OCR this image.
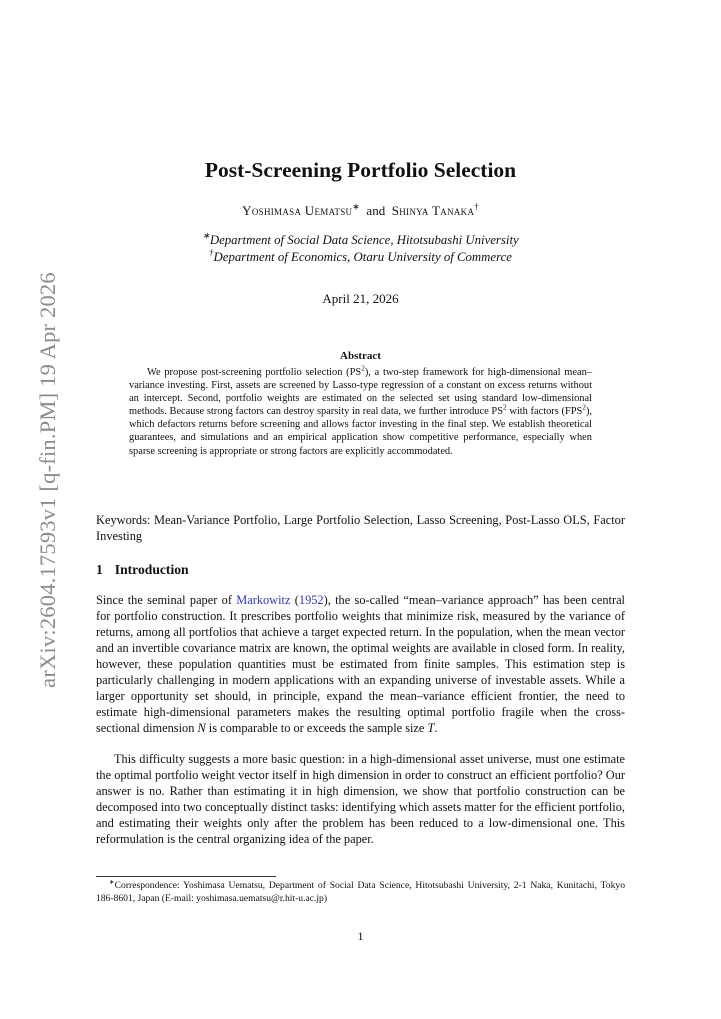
arXiv:2604.17593v1 [q-fin.PM] 19 Apr 2026
Post-Screening Portfolio Selection
Yoshimasa Uematsu∗ and Shinya Tanaka†
∗Department of Social Data Science, Hitotsubashi University
†Department of Economics, Otaru University of Commerce
April 21, 2026
Abstract

We propose post-screening portfolio selection $(PS^2)$, a two-step framework for high-dimensional mean–variance investing. First, assets are screened by Lasso-type regression of a constant on excess returns without an intercept. Second, portfolio weights are estimated on the selected set using standard low-dimensional methods. Because strong factors can destroy sparsity in real data, we further introduce $PS^2$ with factors (FPS$^2$), which defactors returns before screening and allows factor investing in the final step. We establish theoretical guarantees, and simulations and an empirical application show competitive performance, especially when sparse screening is appropriate or strong factors are explicitly accommodated.

Keywords: Mean-Variance Portfolio, Large Portfolio Selection, Lasso Screening, Post-Lasso OLS, Factor Investing

1 Introduction

Since the seminal paper of Markowitz (1952), the so-called “mean–variance approach” has been central for portfolio construction. It prescribes portfolio weights that minimize risk, measured by the variance of returns, among all portfolios that achieve a target expected return. In the population, when the mean vector and an invertible covariance matrix are known, the optimal weights are available in closed form. In reality, however, these population quantities must be estimated from finite samples. This estimation step is particularly challenging in modern applications with an expanding universe of investable assets. While a larger opportunity set should, in principle, expand the mean–variance efficient frontier, the need to estimate high-dimensional parameters makes the resulting optimal portfolio fragile when the cross-sectional dimension N is comparable to or exceeds the sample size T.

This difficulty suggests a more basic question: in a high-dimensional asset universe, must one estimate the optimal portfolio weight vector itself in high dimension in order to construct an efficient portfolio? Our answer is no. Rather than estimating it in high dimension, we show that portfolio construction can be decomposed into two conceptually distinct tasks: identifying which assets matter for the efficient portfolio, and estimating their weights only after the problem has been reduced to a low-dimensional one. This reformulation is the central organizing idea of the paper.

∗Correspondence: Yoshimasa Uematsu, Department of Social Data Science, Hitotsubashi University, 2-1 Naka, Kunitachi, Tokyo 186-8601, Japan (E-mail: yoshimasa.uematsu@r.hit-u.ac.jp)

1
